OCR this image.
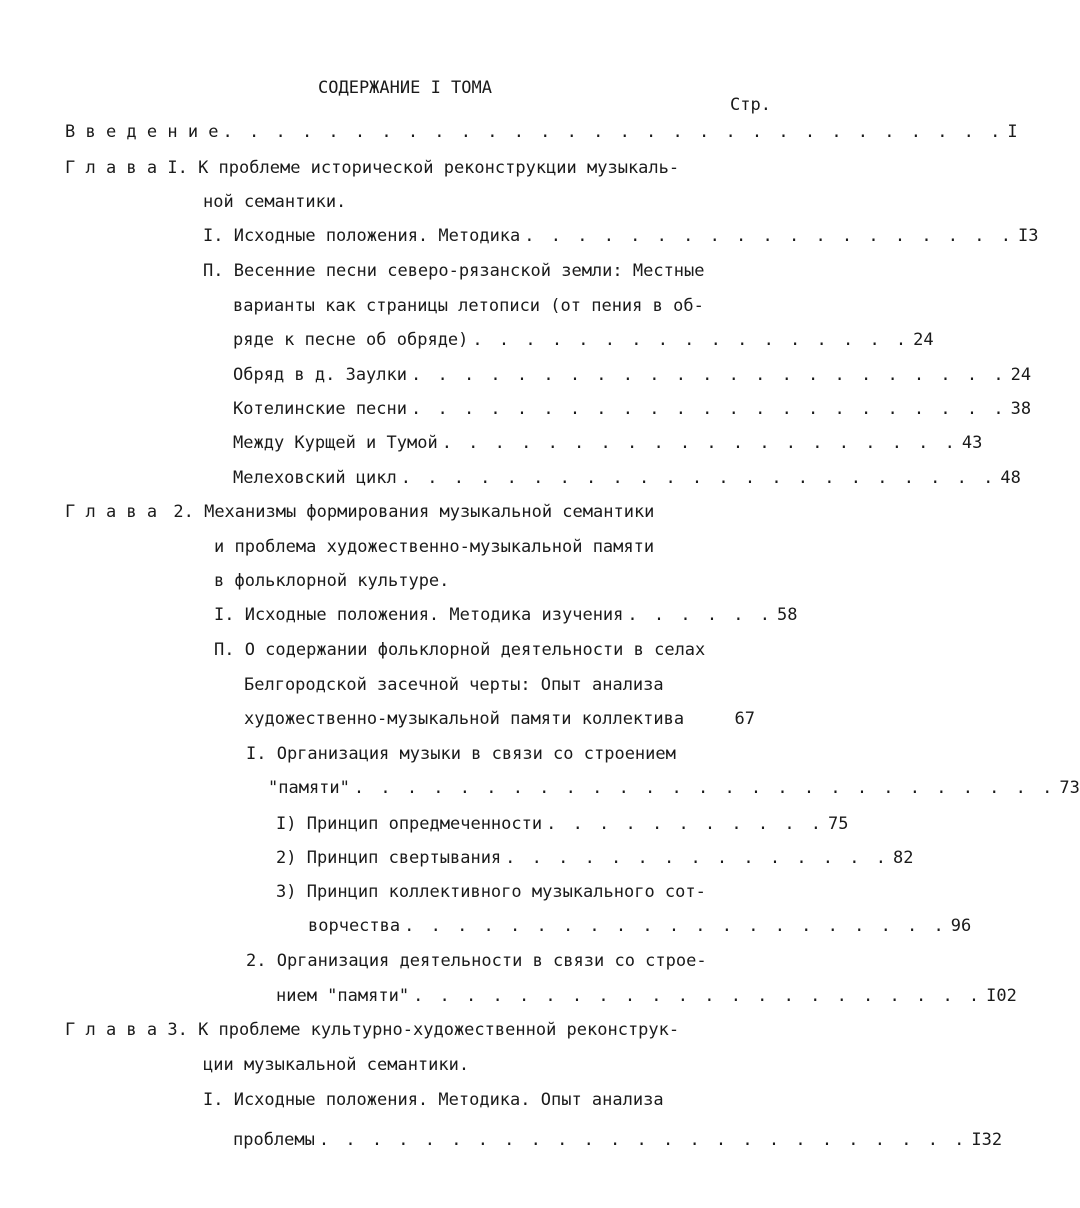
СОДЕРЖАНИЕ I ТОМА
Стр.
В в е д е н и е . . . . . . . . . . . . . . . . . . . . . . . . . . . . . . I
Г л а в а I. К проблеме исторической реконструкции музыкаль-
ной семантики.
I. Исходные положения. Методика . . . . . . . . . . . . . . . . . . . I3
П. Весенние песни северо-рязанской земли: Местные
варианты как страницы летописи (от пения в об-
ряде к песне об обряде) . . . . . . . . . . . . . . . . . 24
Обряд в д. Заулки . . . . . . . . . . . . . . . . . . . . . . . 24
Котелинские песни . . . . . . . . . . . . . . . . . . . . . . . 38
Между Курщей и Тумой . . . . . . . . . . . . . . . . . . . . 43
Мелеховский цикл . . . . . . . . . . . . . . . . . . . . . . . 48
Г л а в а 2. Механизмы формирования музыкальной семантики
и проблема художественно-музыкальной памяти
в фольклорной культуре.
I. Исходные положения. Методика изучения . . . . . . 58
П. О содержании фольклорной деятельности в селах
Белгородской засечной черты: Опыт анализа
художественно-музыкальной памяти коллектива	67
I. Организация музыки в связи со строением
"памяти" . . . . . . . . . . . . . . . . . . . . . . . . . . . 73
I) Принцип опредмеченности . . . . . . . . . . . 75
2) Принцип свертывания . . . . . . . . . . . . . . . 82
3) Принцип коллективного музыкального сот-
ворчества . . . . . . . . . . . . . . . . . . . . . 96
2. Организация деятельности в связи со строе-
нием "памяти" . . . . . . . . . . . . . . . . . . . . . . I02
Г л а в а 3. К проблеме культурно-художественной реконструк-
ции музыкальной семантики.
I. Исходные положения. Методика. Опыт анализа
проблемы . . . . . . . . . . . . . . . . . . . . . . . . . I32
